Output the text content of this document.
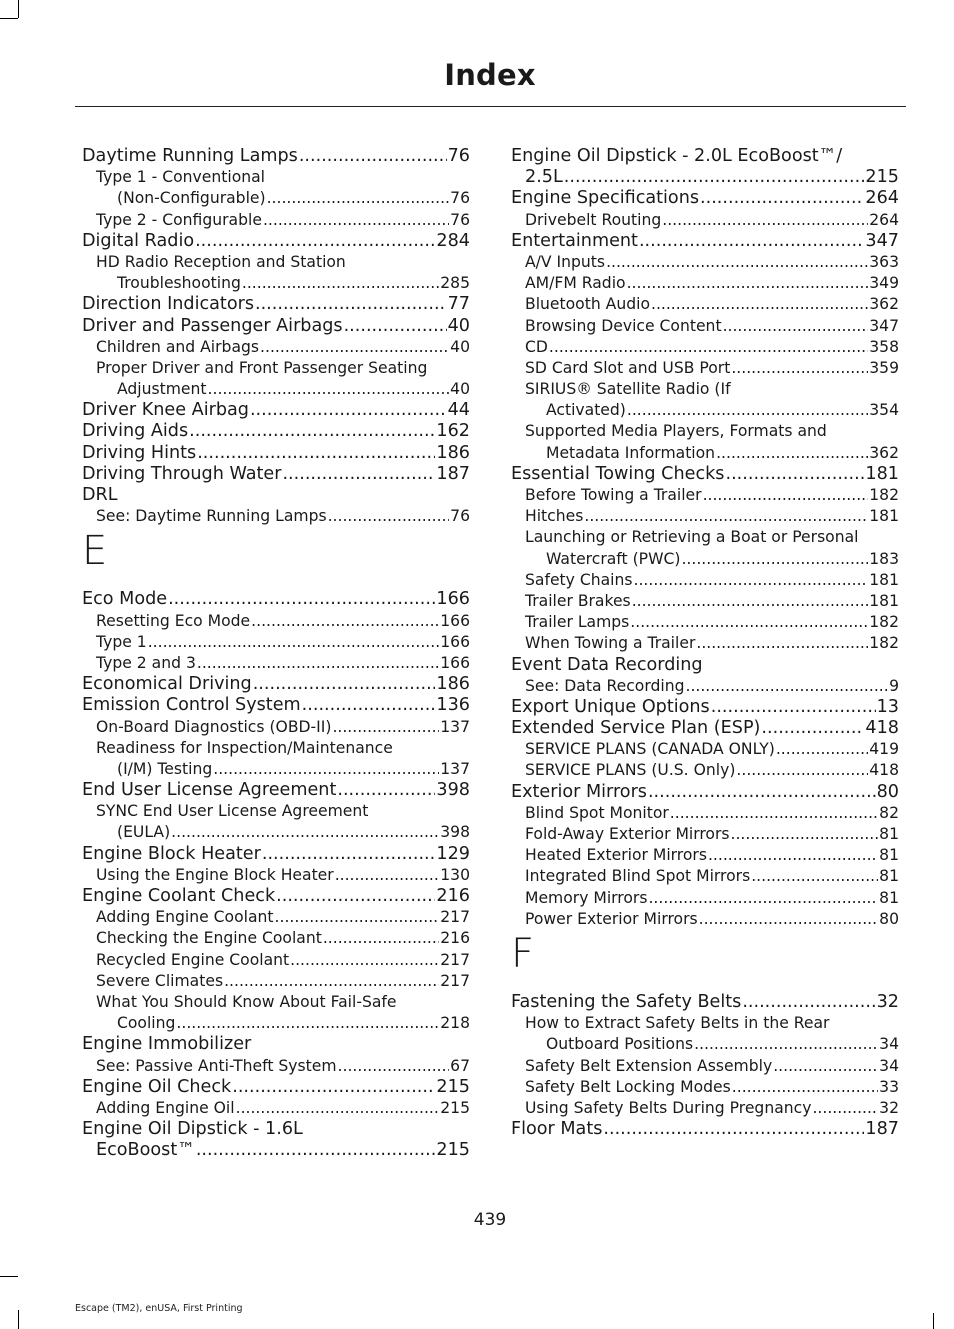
Index
Daytime Running Lamps .....	76
Type 1 - Conventional
(Non-Configurable) .....	76
Type 2 - Configurable .....	76
Digital Radio .....	284
HD Radio Reception and Station
Troubleshooting .....	285
Direction Indicators .....	77
Driver and Passenger Airbags .....	40
Children and Airbags .....	40
Proper Driver and Front Passenger Seating
Adjustment .....	40
Driver Knee Airbag .....	44
Driving Aids .....	162
Driving Hints .....	186
Driving Through Water .....	187
DRL
See: Daytime Running Lamps .....	76
E
Eco Mode .....	166
Resetting Eco Mode .....	166
Type 1 .....	166
Type 2 and 3 .....	166
Economical Driving .....	186
Emission Control System .....	136
On-Board Diagnostics (OBD-II) .....	137
Readiness for Inspection/Maintenance
(I/M) Testing .....	137
End User License Agreement .....	398
SYNC End User License Agreement
(EULA) .....	398
Engine Block Heater .....	129
Using the Engine Block Heater .....	130
Engine Coolant Check .....	216
Adding Engine Coolant .....	217
Checking the Engine Coolant .....	216
Recycled Engine Coolant .....	217
Severe Climates .....	217
What You Should Know About Fail-Safe
Cooling .....	218
Engine Immobilizer
See: Passive Anti-Theft System .....	67
Engine Oil Check .....	215
Adding Engine Oil .....	215
Engine Oil Dipstick - 1.6L
EcoBoost™ .....	215
Engine Oil Dipstick - 2.0L EcoBoost™/
2.5L .....	215
Engine Specifications .....	264
Drivebelt Routing .....	264
Entertainment .....	347
A/V Inputs .....	363
AM/FM Radio .....	349
Bluetooth Audio .....	362
Browsing Device Content .....	347
CD .....	358
SD Card Slot and USB Port .....	359
SIRIUS® Satellite Radio (If
Activated) .....	354
Supported Media Players, Formats and
Metadata Information .....	362
Essential Towing Checks .....	181
Before Towing a Trailer .....	182
Hitches .....	181
Launching or Retrieving a Boat or Personal
Watercraft (PWC) .....	183
Safety Chains .....	181
Trailer Brakes .....	181
Trailer Lamps .....	182
When Towing a Trailer .....	182
Event Data Recording
See: Data Recording .....	9
Export Unique Options .....	13
Extended Service Plan (ESP) .....	418
SERVICE PLANS (CANADA ONLY) .....	419
SERVICE PLANS (U.S. Only) .....	418
Exterior Mirrors .....	80
Blind Spot Monitor .....	82
Fold-Away Exterior Mirrors .....	81
Heated Exterior Mirrors .....	81
Integrated Blind Spot Mirrors .....	81
Memory Mirrors .....	81
Power Exterior Mirrors .....	80
F
Fastening the Safety Belts .....	32
How to Extract Safety Belts in the Rear
Outboard Positions .....	34
Safety Belt Extension Assembly .....	34
Safety Belt Locking Modes .....	33
Using Safety Belts During Pregnancy .....	32
Floor Mats .....	187
439
Escape (TM2), enUSA, First Printing
